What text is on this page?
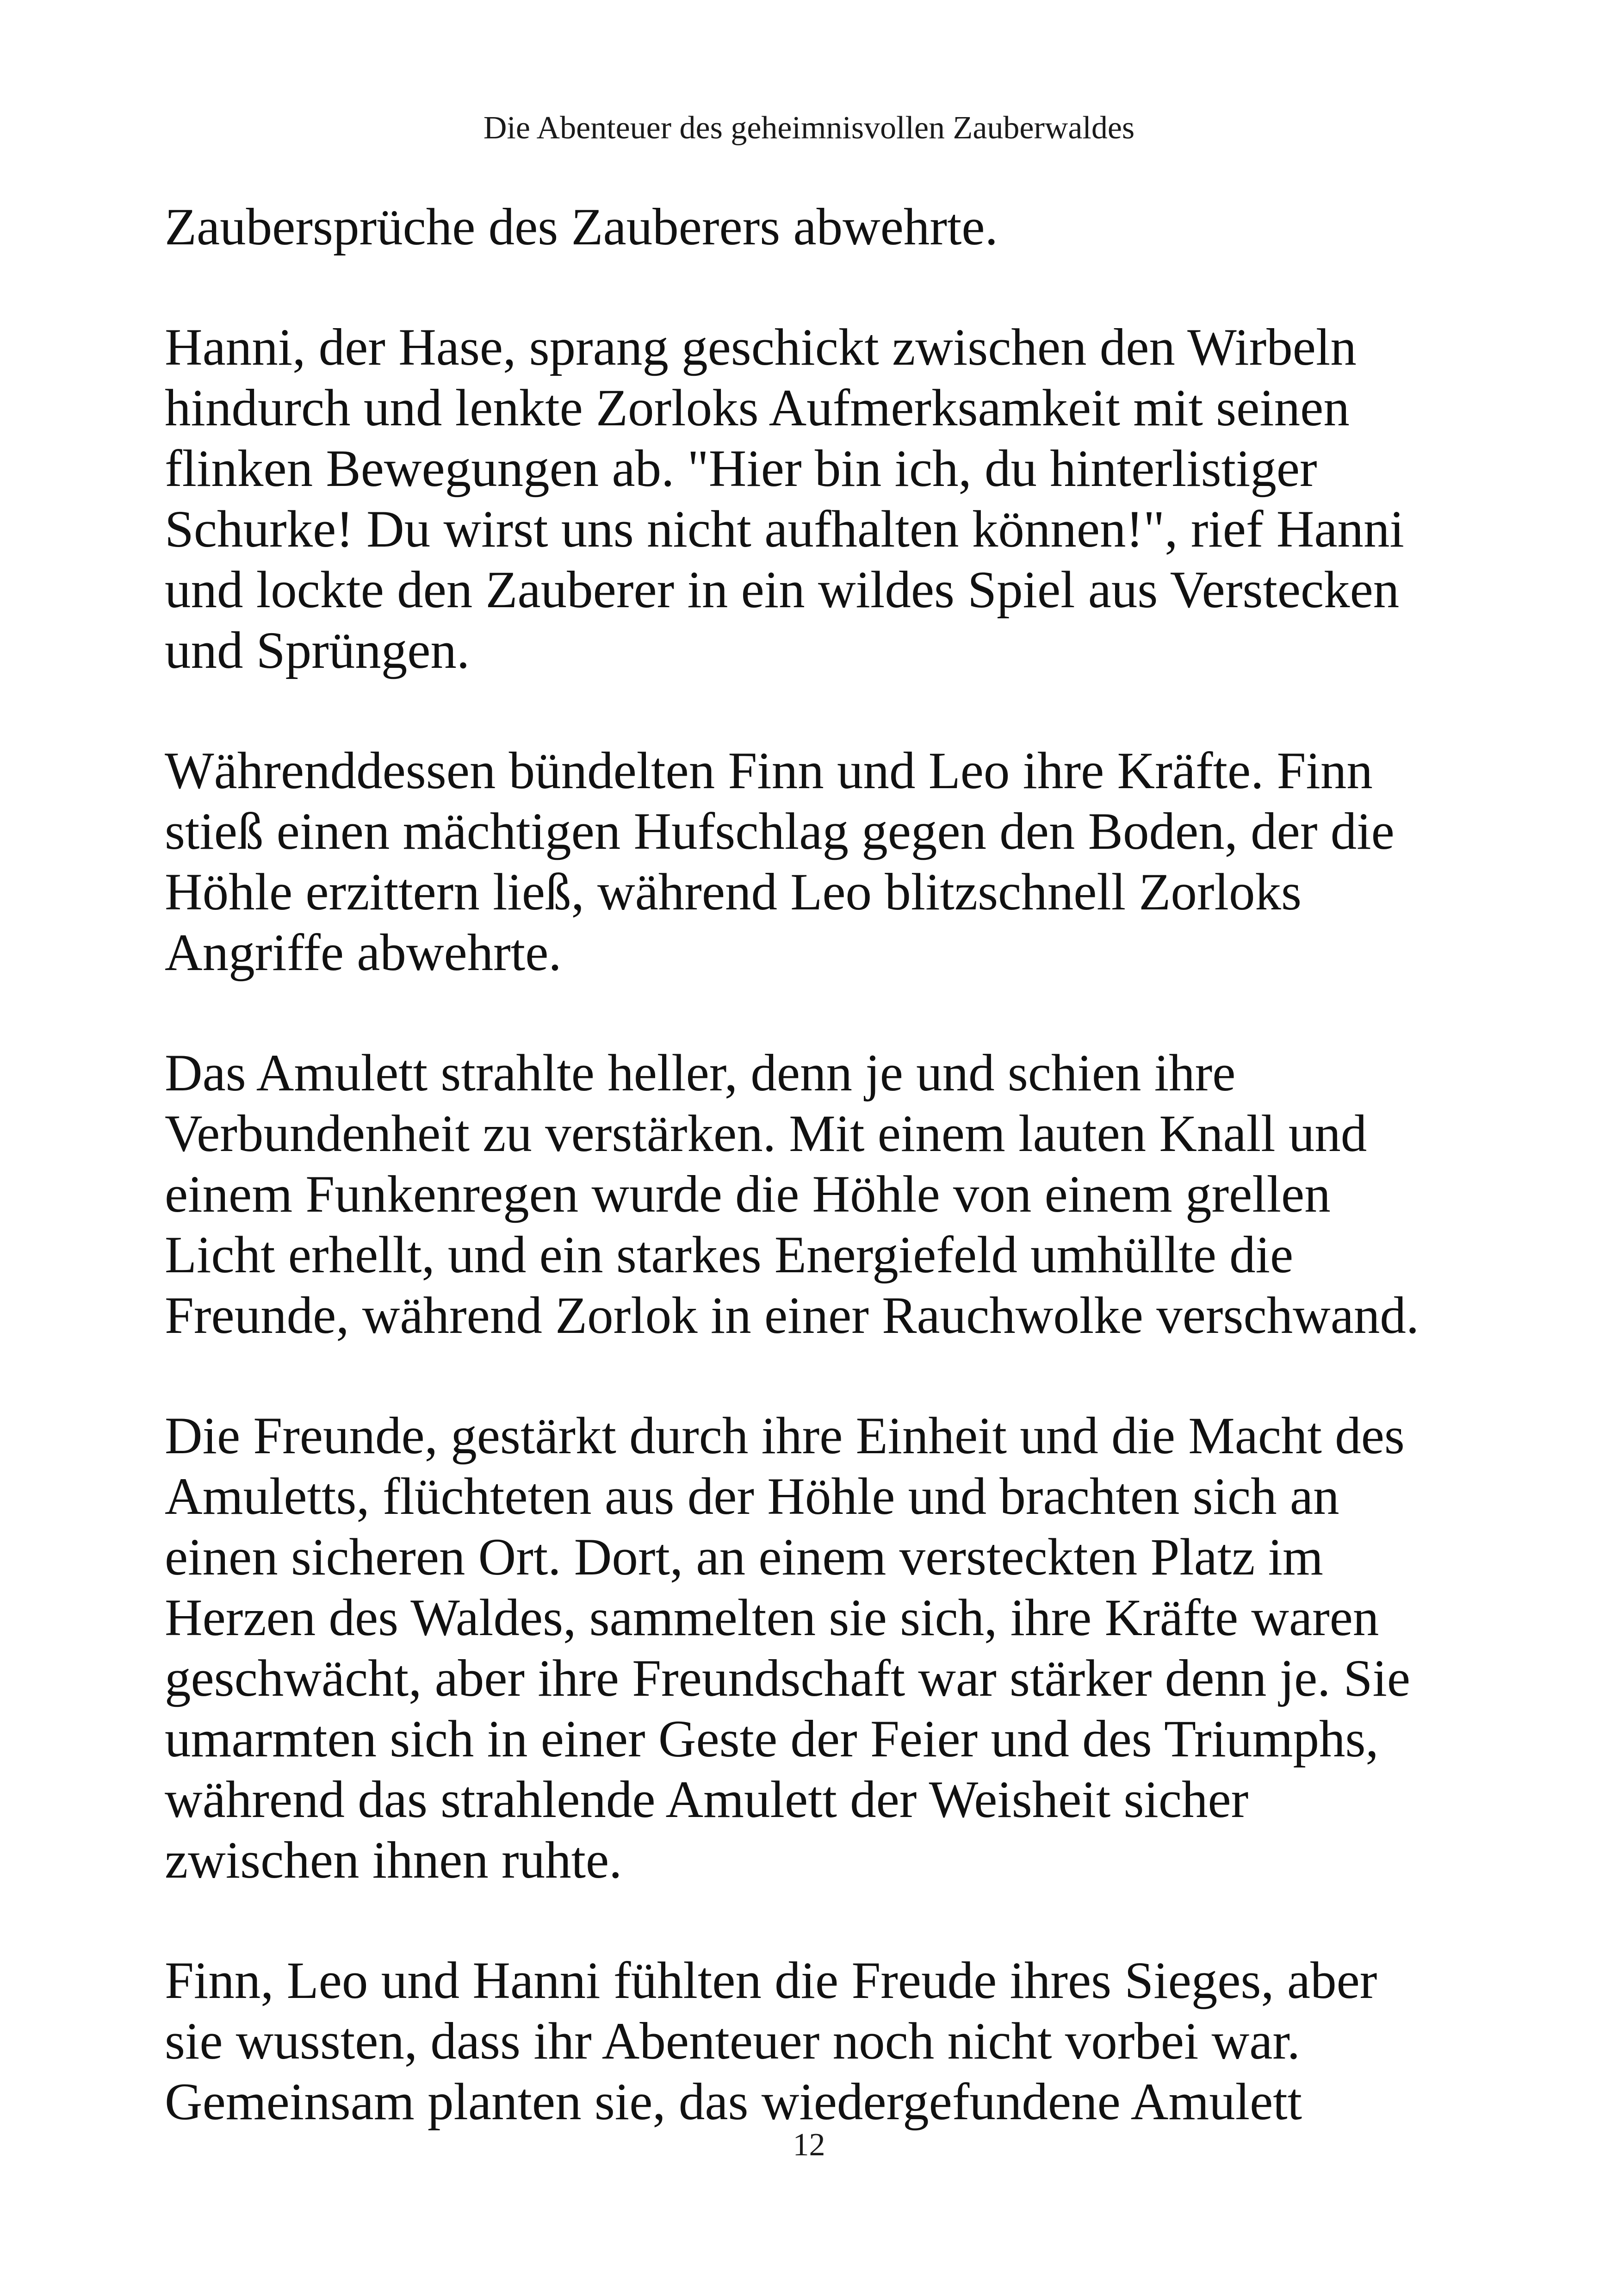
Die Abenteuer des geheimnisvollen Zauberwaldes

Zaubersprüche des Zauberers abwehrte.

Hanni, der Hase, sprang geschickt zwischen den Wirbeln
hindurch und lenkte Zorloks Aufmerksamkeit mit seinen
flinken Bewegungen ab. "Hier bin ich, du hinterlistiger
Schurke! Du wirst uns nicht aufhalten können!", rief Hanni
und lockte den Zauberer in ein wildes Spiel aus Verstecken
und Sprüngen.

Währenddessen bündelten Finn und Leo ihre Kräfte. Finn
stieß einen mächtigen Hufschlag gegen den Boden, der die
Höhle erzittern ließ, während Leo blitzschnell Zorloks
Angriffe abwehrte.

Das Amulett strahlte heller, denn je und schien ihre
Verbundenheit zu verstärken. Mit einem lauten Knall und
einem Funkenregen wurde die Höhle von einem grellen
Licht erhellt, und ein starkes Energiefeld umhüllte die
Freunde, während Zorlok in einer Rauchwolke verschwand.

Die Freunde, gestärkt durch ihre Einheit und die Macht des
Amuletts, flüchteten aus der Höhle und brachten sich an
einen sicheren Ort. Dort, an einem versteckten Platz im
Herzen des Waldes, sammelten sie sich, ihre Kräfte waren
geschwächt, aber ihre Freundschaft war stärker denn je. Sie
umarmten sich in einer Geste der Feier und des Triumphs,
während das strahlende Amulett der Weisheit sicher
zwischen ihnen ruhte.

Finn, Leo und Hanni fühlten die Freude ihres Sieges, aber
sie wussten, dass ihr Abenteuer noch nicht vorbei war.
Gemeinsam planten sie, das wiedergefundene Amulett

12
